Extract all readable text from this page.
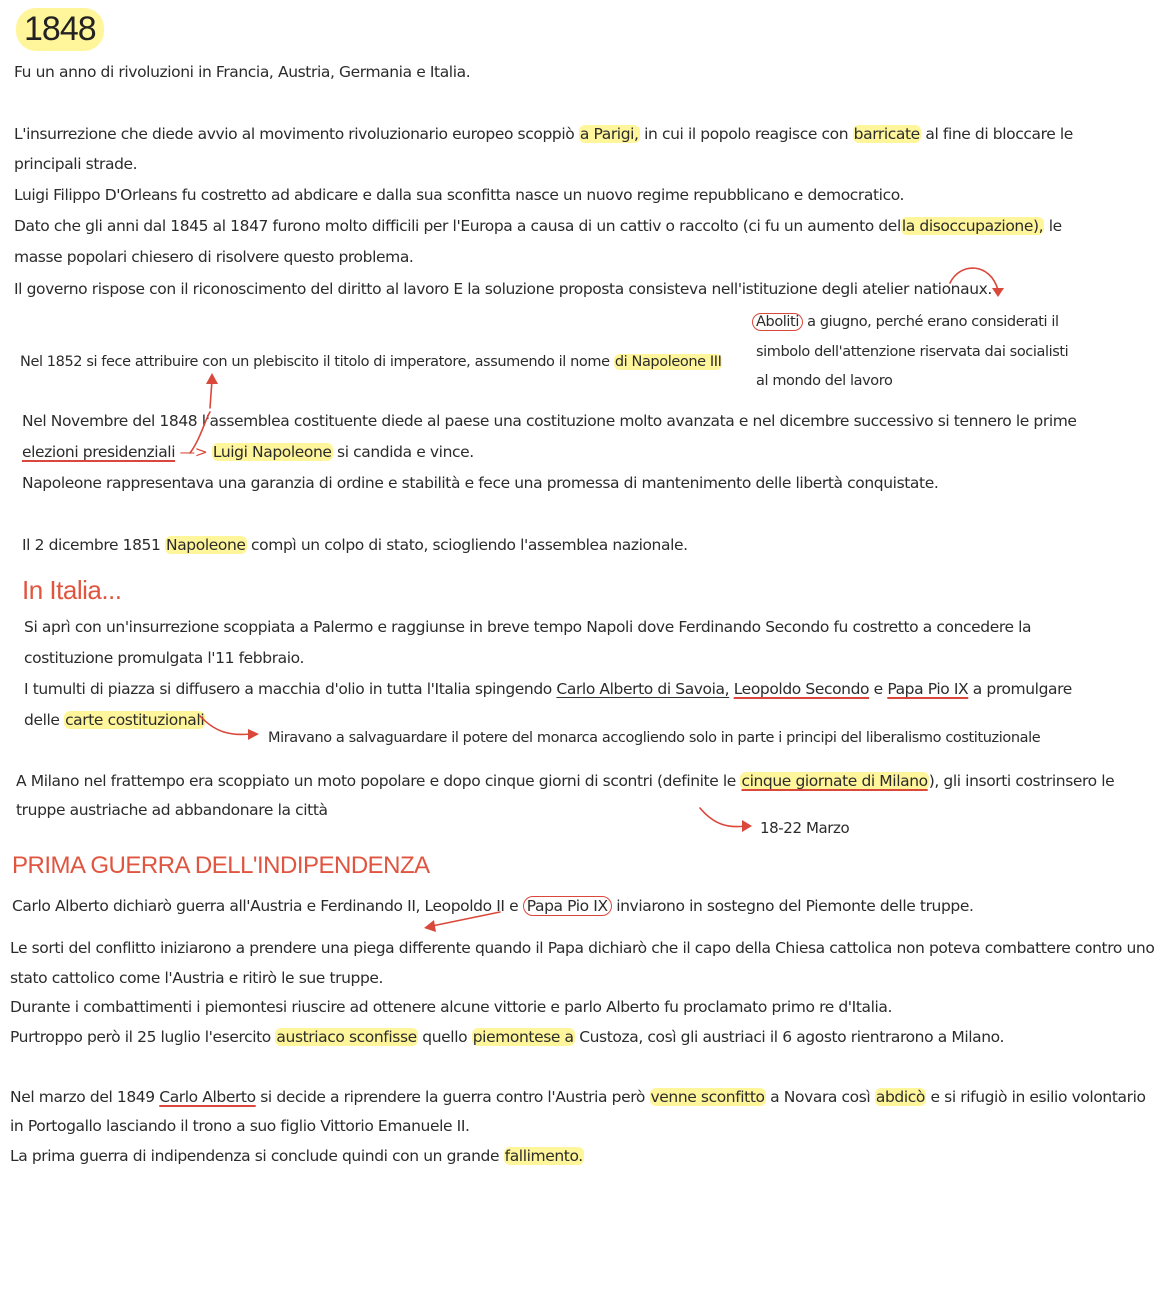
1848
Fu un anno di rivoluzioni in Francia, Austria, Germania e Italia.
L'insurrezione che diede avvio al movimento rivoluzionario europeo scoppiò a Parigi, in cui il popolo reagisce con barricate al fine di bloccare le
principali strade.
Luigi Filippo D'Orleans fu costretto ad abdicare e dalla sua sconfitta nasce un nuovo regime repubblicano e democratico.
Dato che gli anni dal 1845 al 1847 furono molto difficili per l'Europa a causa di un cattiv o raccolto (ci fu un aumento della disoccupazione), le
masse popolari chiesero di risolvere questo problema.
Il governo rispose con il riconoscimento del diritto al lavoro E la soluzione proposta consisteva nell'istituzione degli atelier nationaux.
Aboliti a giugno, perché erano considerati il
simbolo dell'attenzione riservata dai socialisti
al mondo del lavoro
Nel 1852 si fece attribuire con un plebiscito il titolo di imperatore, assumendo il nome di Napoleone III
Nel Novembre del 1848 l'assemblea costituente diede al paese una costituzione molto avanzata e nel dicembre successivo si tennero le prime
elezioni presidenziali —> Luigi Napoleone si candida e vince.
Napoleone rappresentava una garanzia di ordine e stabilità e fece una promessa di mantenimento delle libertà conquistate.
Il 2 dicembre 1851 Napoleone compì un colpo di stato, sciogliendo l'assemblea nazionale.
In Italia...
Si aprì con un'insurrezione scoppiata a Palermo e raggiunse in breve tempo Napoli dove Ferdinando Secondo fu costretto a concedere la
costituzione promulgata l'11 febbraio.
I tumulti di piazza si diffusero a macchia d'olio in tutta l'Italia spingendo Carlo Alberto di Savoia, Leopoldo Secondo e Papa Pio IX a promulgare
delle carte costituzionali
Miravano a salvaguardare il potere del monarca accogliendo solo in parte i principi del liberalismo costituzionale
A Milano nel frattempo era scoppiato un moto popolare e dopo cinque giorni di scontri (definite le cinque giornate di Milano), gli insorti costrinsero le
truppe austriache ad abbandonare la città
18-22 Marzo
PRIMA GUERRA DELL'INDIPENDENZA
Carlo Alberto dichiarò guerra all'Austria e Ferdinando II, Leopoldo II e Papa Pio IX inviarono in sostegno del Piemonte delle truppe.
Le sorti del conflitto iniziarono a prendere una piega differente quando il Papa dichiarò che il capo della Chiesa cattolica non poteva combattere contro uno
stato cattolico come l'Austria e ritirò le sue truppe.
Durante i combattimenti i piemontesi riuscire ad ottenere alcune vittorie e parlo Alberto fu proclamato primo re d'Italia.
Purtroppo però il 25 luglio l'esercito austriaco sconfisse quello piemontese a Custoza, così gli austriaci il 6 agosto rientrarono a Milano.
Nel marzo del 1849 Carlo Alberto si decide a riprendere la guerra contro l'Austria però venne sconfitto a Novara così abdicò e si rifugiò in esilio volontario
in Portogallo lasciando il trono a suo figlio Vittorio Emanuele II.
La prima guerra di indipendenza si conclude quindi con un grande fallimento.
